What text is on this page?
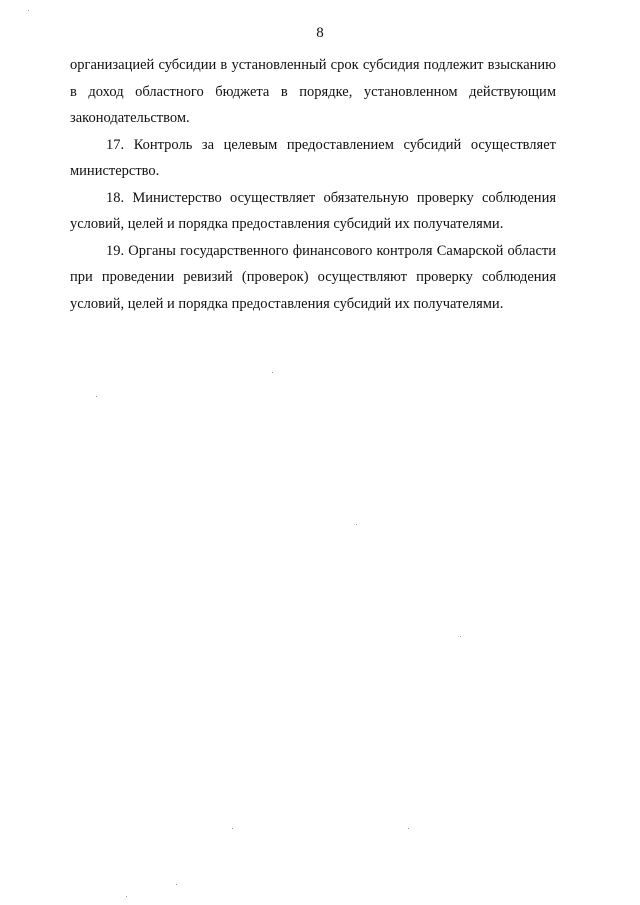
8

организацией субсидии в установленный срок субсидия подлежит взысканию в доход областного бюджета в порядке, установленном действующим законодательством.

17. Контроль за целевым предоставлением субсидий осуществляет министерство.

18. Министерство осуществляет обязательную проверку соблюдения условий, целей и порядка предоставления субсидий их получателями.

19. Органы государственного финансового контроля Самарской области при проведении ревизий (проверок) осуществляют проверку соблюдения условий, целей и порядка предоставления субсидий их получателями.
